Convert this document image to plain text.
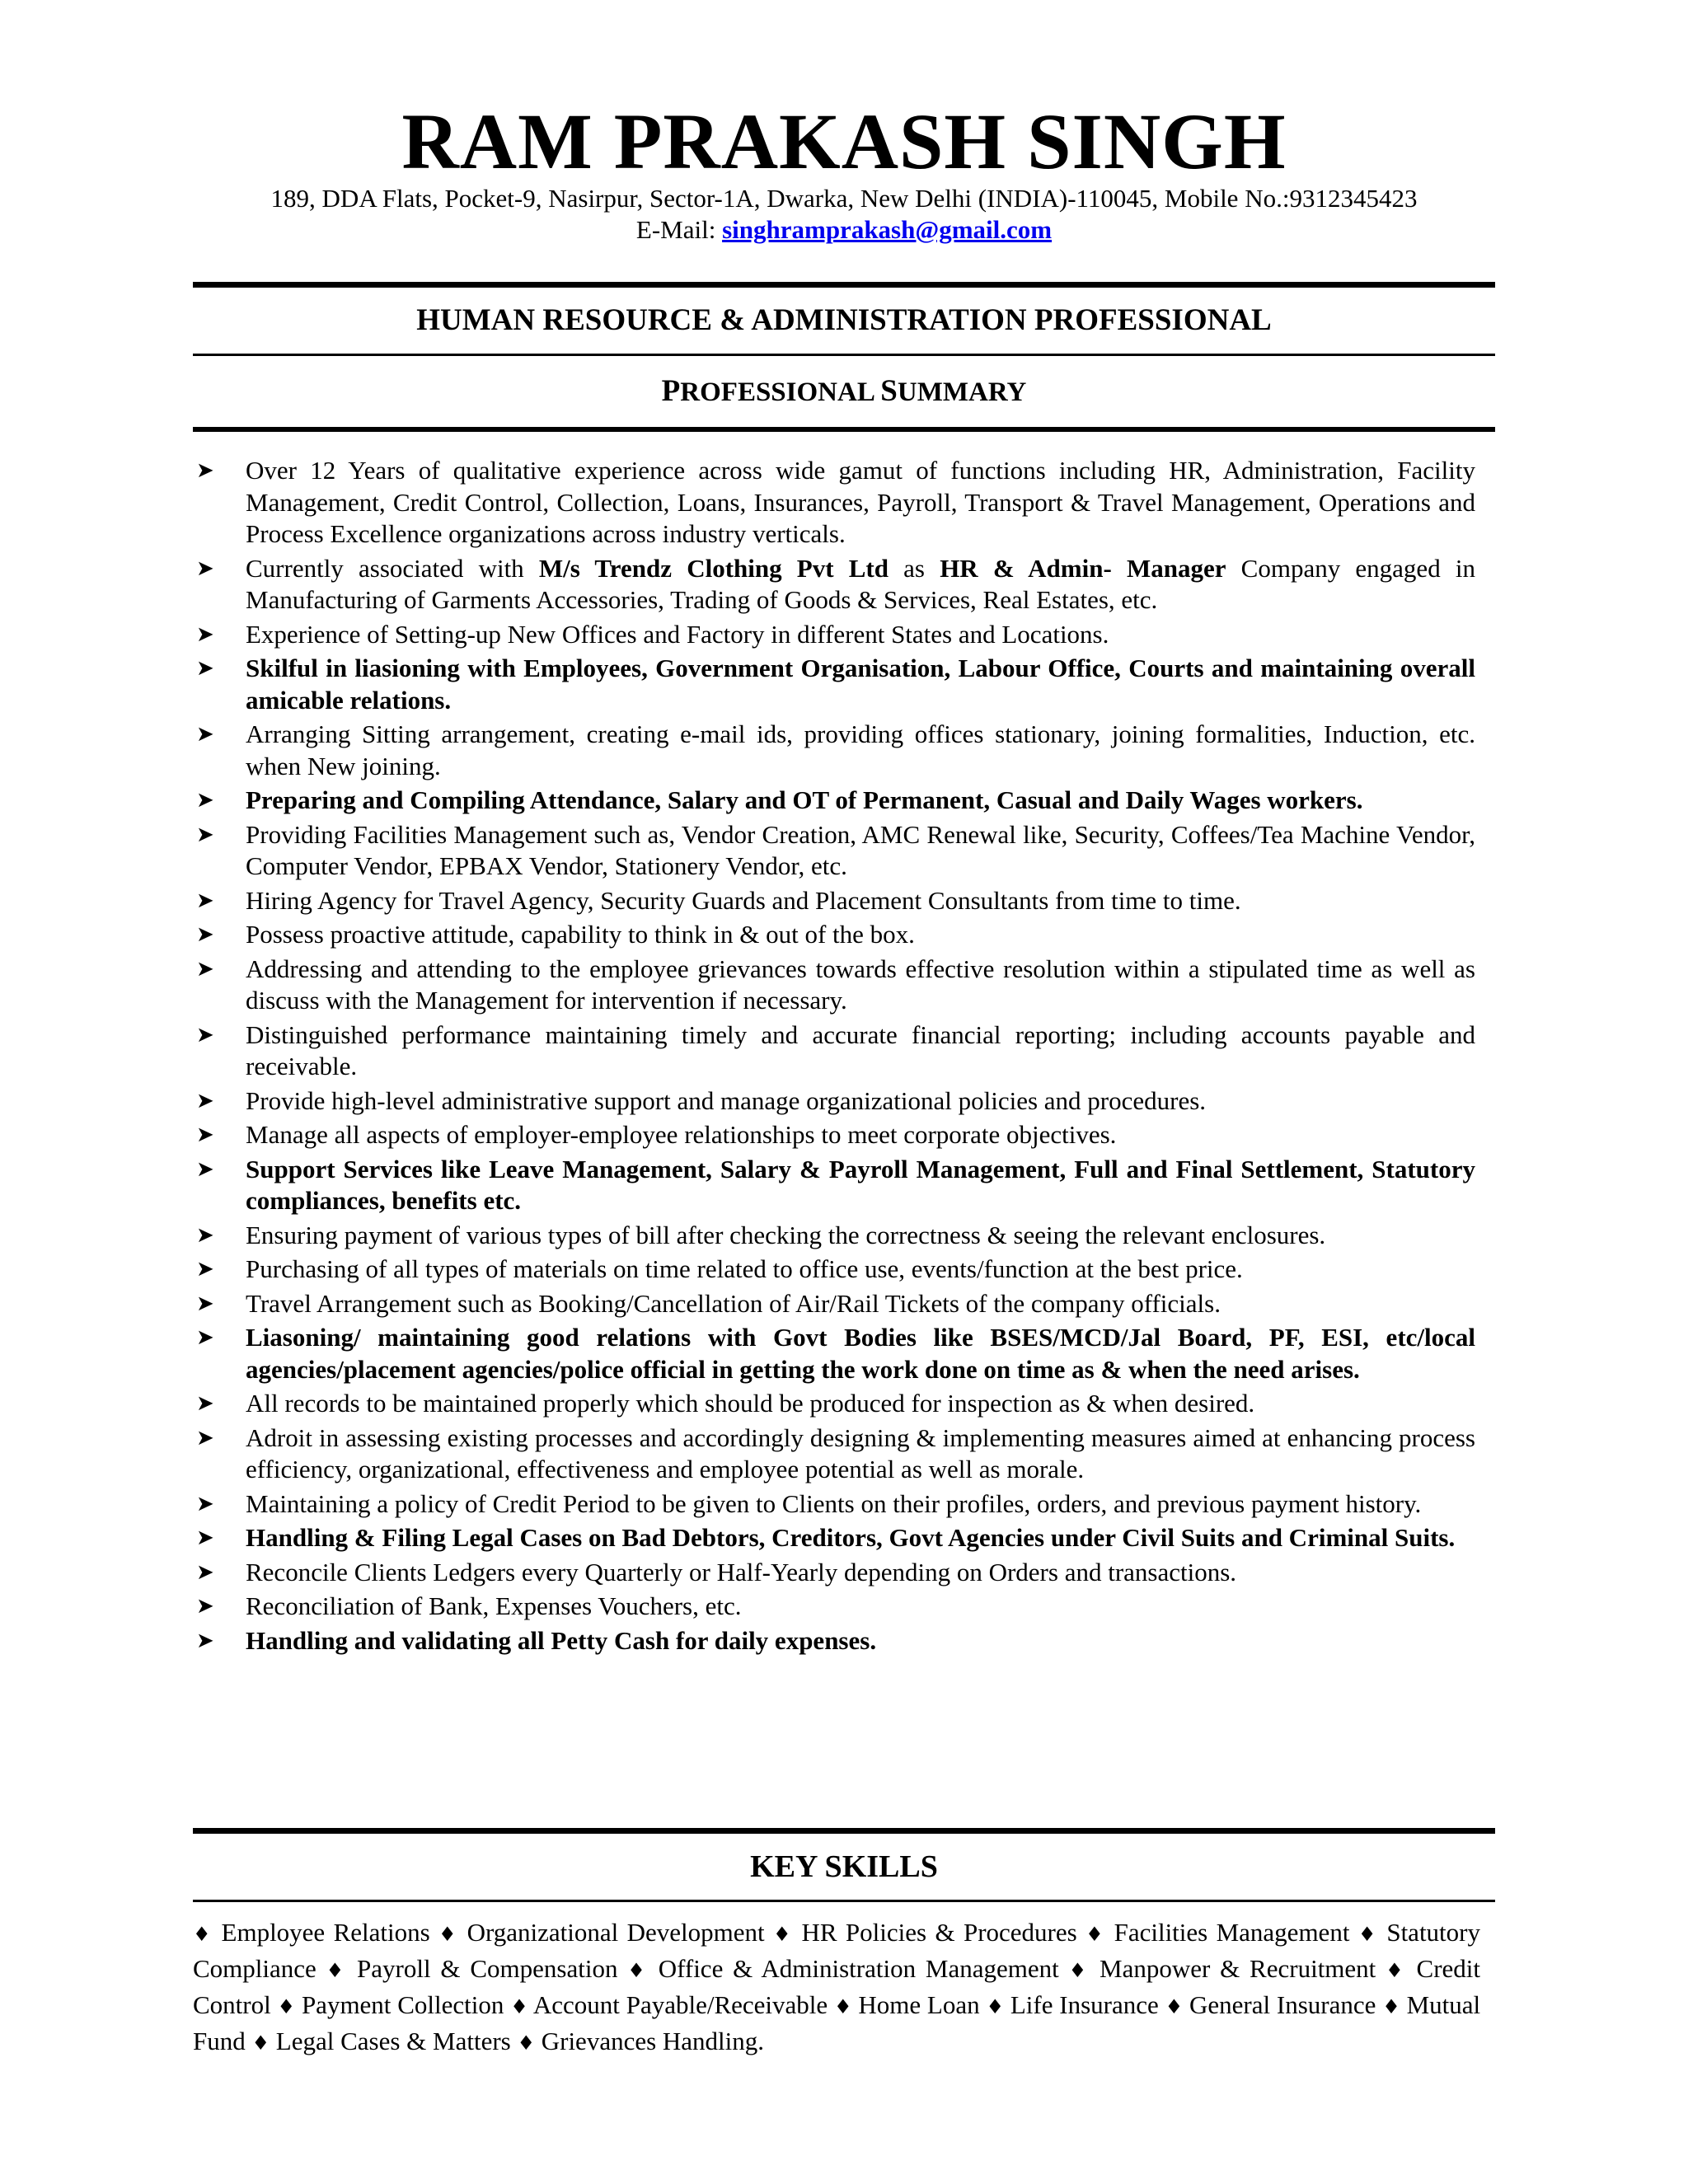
RAM PRAKASH SINGH
189, DDA Flats, Pocket-9, Nasirpur, Sector-1A, Dwarka, New Delhi (INDIA)-110045, Mobile No.:9312345423
E-Mail: singhramprakash@gmail.com
HUMAN RESOURCE & ADMINISTRATION PROFESSIONAL
PROFESSIONAL SUMMARY
➤ Over 12 Years of qualitative experience across wide gamut of functions including HR, Administration, Facility Management, Credit Control, Collection, Loans, Insurances, Payroll, Transport & Travel Management, Operations and Process Excellence organizations across industry verticals.
➤ Currently associated with M/s Trendz Clothing Pvt Ltd as HR & Admin- Manager Company engaged in Manufacturing of Garments Accessories, Trading of Goods & Services, Real Estates, etc.
➤ Experience of Setting-up New Offices and Factory in different States and Locations.
➤ Skilful in liasioning with Employees, Government Organisation, Labour Office, Courts and maintaining overall amicable relations.
➤ Arranging Sitting arrangement, creating e-mail ids, providing offices stationary, joining formalities, Induction, etc. when New joining.
➤ Preparing and Compiling Attendance, Salary and OT of Permanent, Casual and Daily Wages workers.
➤ Providing Facilities Management such as, Vendor Creation, AMC Renewal like, Security, Coffees/Tea Machine Vendor, Computer Vendor, EPBAX Vendor, Stationery Vendor, etc.
➤ Hiring Agency for Travel Agency, Security Guards and Placement Consultants from time to time.
➤ Possess proactive attitude, capability to think in & out of the box.
➤ Addressing and attending to the employee grievances towards effective resolution within a stipulated time as well as discuss with the Management for intervention if necessary.
➤ Distinguished performance maintaining timely and accurate financial reporting; including accounts payable and receivable.
➤ Provide high-level administrative support and manage organizational policies and procedures.
➤ Manage all aspects of employer-employee relationships to meet corporate objectives.
➤ Support Services like Leave Management, Salary & Payroll Management, Full and Final Settlement, Statutory compliances, benefits etc.
➤ Ensuring payment of various types of bill after checking the correctness & seeing the relevant enclosures.
➤ Purchasing of all types of materials on time related to office use, events/function at the best price.
➤ Travel Arrangement such as Booking/Cancellation of Air/Rail Tickets of the company officials.
➤ Liasoning/ maintaining good relations with Govt Bodies like BSES/MCD/Jal Board, PF, ESI, etc/local agencies/placement agencies/police official in getting the work done on time as & when the need arises.
➤ All records to be maintained properly which should be produced for inspection as & when desired.
➤ Adroit in assessing existing processes and accordingly designing & implementing measures aimed at enhancing process efficiency, organizational, effectiveness and employee potential as well as morale.
➤ Maintaining a policy of Credit Period to be given to Clients on their profiles, orders, and previous payment history.
➤ Handling & Filing Legal Cases on Bad Debtors, Creditors, Govt Agencies under Civil Suits and Criminal Suits.
➤ Reconcile Clients Ledgers every Quarterly or Half-Yearly depending on Orders and transactions.
➤ Reconciliation of Bank, Expenses Vouchers, etc.
➤ Handling and validating all Petty Cash for daily expenses.
KEY SKILLS
♦ Employee Relations ♦ Organizational Development ♦ HR Policies & Procedures ♦ Facilities Management ♦ Statutory Compliance ♦ Payroll & Compensation ♦ Office & Administration Management ♦ Manpower & Recruitment ♦ Credit Control ♦ Payment Collection ♦ Account Payable/Receivable ♦ Home Loan ♦ Life Insurance ♦ General Insurance ♦ Mutual Fund ♦ Legal Cases & Matters ♦ Grievances Handling.
